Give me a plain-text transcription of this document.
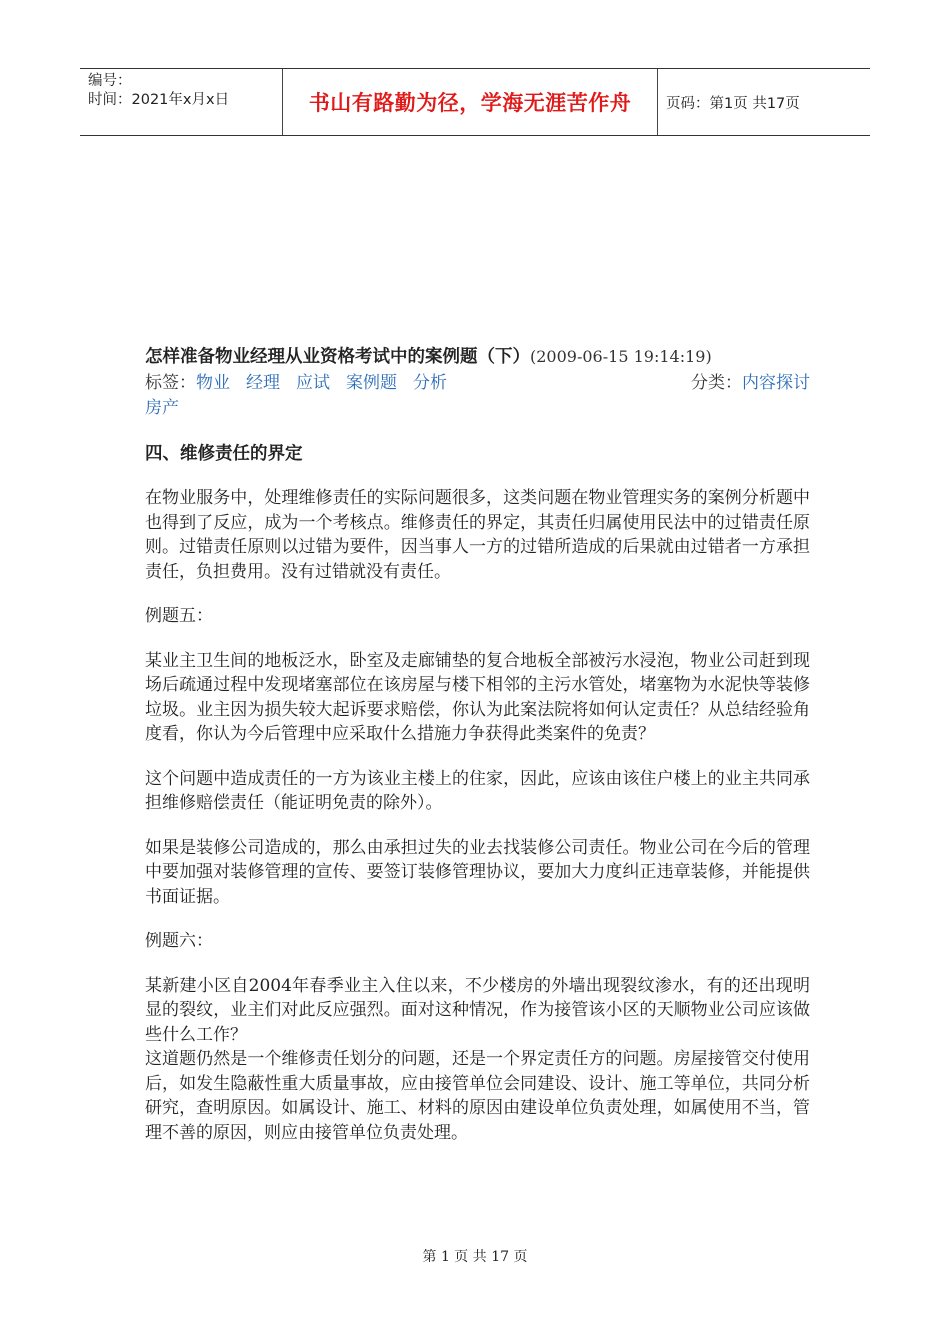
编号：
时间：2021年x月x日	书山有路勤为径，学海无涯苦作舟	页码：第1页 共17页
怎样准备物业经理从业资格考试中的案例题（下）(2009-06-15 19:14:19)
标签： 物业 经理 应试 案例题 分析	分类：内容探讨
房产
四、维修责任的界定

在物业服务中，处理维修责任的实际问题很多，这类问题在物业管理实务的案例分析题中也得到了反应，成为一个考核点。维修责任的界定，其责任归属使用民法中的过错责任原则。过错责任原则以过错为要件，因当事人一方的过错所造成的后果就由过错者一方承担责任，负担费用。没有过错就没有责任。

例题五：

某业主卫生间的地板泛水，卧室及走廊铺垫的复合地板全部被污水浸泡，物业公司赶到现场后疏通过程中发现堵塞部位在该房屋与楼下相邻的主污水管处，堵塞物为水泥快等装修垃圾。业主因为损失较大起诉要求赔偿，你认为此案法院将如何认定责任？从总结经验角度看，你认为今后管理中应采取什么措施力争获得此类案件的免责？

这个问题中造成责任的一方为该业主楼上的住家，因此，应该由该住户楼上的业主共同承担维修赔偿责任（能证明免责的除外）。

如果是装修公司造成的，那么由承担过失的业去找装修公司责任。物业公司在今后的管理中要加强对装修管理的宣传、要签订装修管理协议，要加大力度纠正违章装修，并能提供书面证据。

例题六：

某新建小区自2004年春季业主入住以来，不少楼房的外墙出现裂纹渗水，有的还出现明显的裂纹，业主们对此反应强烈。面对这种情况，作为接管该小区的天顺物业公司应该做些什么工作？

这道题仍然是一个维修责任划分的问题，还是一个界定责任方的问题。房屋接管交付使用后，如发生隐蔽性重大质量事故，应由接管单位会同建设、设计、施工等单位，共同分析研究，查明原因。如属设计、施工、材料的原因由建设单位负责处理，如属使用不当，管理不善的原因，则应由接管单位负责处理。

第 1 页 共 17 页
